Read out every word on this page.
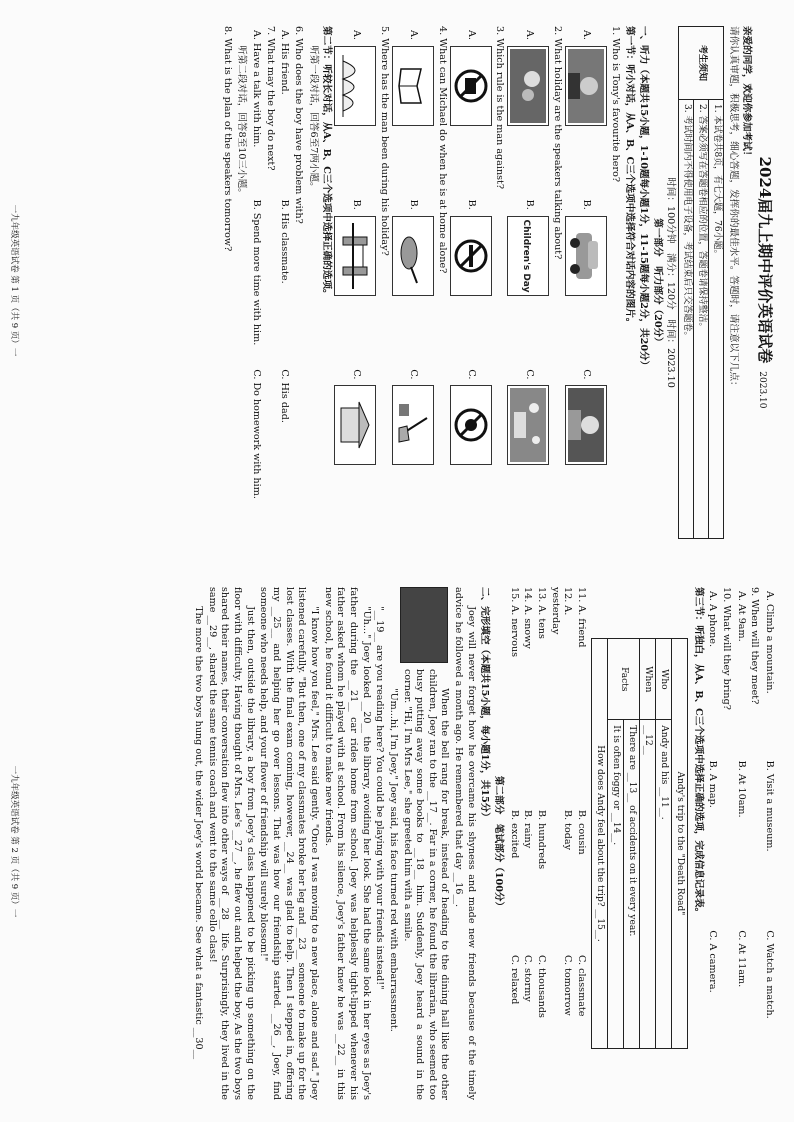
2024届九上期中评价英语试卷2023.10
亲爱的同学，欢迎你参加考试！
请你认真审题，积极思考，细心答题，发挥你的最佳水平。答题时，请注意以下几点：
考生须知	1. 本试卷共8页，有七大题，76小题。
2. 答案必须写在答题卷相应的位置，答题卷请保持整洁。
3. 考试时间内不得使用电子设备，考试结束后只交答题卷。
时间：100分钟　满分：120分　时间：2023.10
第一部分　听力部分（20分）
一、听力（本题共15小题，1-10题每小题1分，11-15题每小题2分，共20分）
第一节：听小对话，从A、B、C三个选项中选择符合对话内容的图片。
1. Who is Tony's favourite hero?
A.
B.
C.
2. What holiday are the speakers talking about?
A.
B.
Children's Day
C.
3. Which rule is the man against?
A.
B.
C.
4. What can Michael do when he is at home alone?
A.
B.
C.
5. Where has the man been during his holiday?
A.
B.
C.
第二节：听较长对话，从A、B、C三个选项中选择正确的选项。
听第一段对话，回答6至7两小题。
6. Who does the boy have problem with?
A. His friend.
B. His classmate.
C. His dad.
7. What may the boy do next?
A. Have a talk with him.
B. Spend more time with him.
C. Do homework with him.
听第二段对话，回答8至10三小题。
8. What is the plan of the speakers tomorrow?
一九年级英语试卷 第 1 页（共 9 页）一
A. Climb a mountain.
B. Visit a museum.
C. Watch a match.
9. When will they meet?
A. At 9am.
B. At 10am.
C. At 11am.
10. What will they bring?
A. A phone.
B. A map.
C. A camera.
第三节：听独白，从A、B、C三个选项中选择正确的选项，完成信息记录表。
Andy's trip to the "Death Road"	
Who	Andy and his __11__.
When	__12__
Facts	There are __13__ of accidents on it every year.
	It is often foggy or __14__.
How does Andy feel about the trip? __15__.	
11. A. friend
B. cousin
C. classmate
12. A. yesterday
B. today
C. tomorrow
13. A. tens
B. hundreds
C. thousands
14. A. snowy
B. rainy
C. stormy
15. A. nervous
B. excited
C. relaxed
第二部分　笔试部分（100分）
二、完形填空（本题共15小题，每小题1分，共15分）

Joey will never forget how he overcame his shyness and made new friends because of the timely advice he followed a month ago. He remembered that day __16__.

When the bell rang for break, instead of heading to the dining hall like the other children, Joey ran to the __17__. Far in a corner, he found the librarian, who seemed too busy putting away some books to __18__ him. Suddenly, Joey heard a sound in the corner. "Hi, I'm Mrs Lee," she greeted him with a smile.

"Um...hi, I'm Joey," Joey said, his face turned red with embarrassment.

"__19__ are you reading here? You could be playing with your friends instead!"

"Uh..." Joey looked __20__ the library, avoiding her look. She had the same look in her eyes as Joey's father during the __21__ car rides home from school. Joey was helplessly tight-lipped whenever his father asked whom he played with at school. From his silence, Joey's father knew he was __22__ in this new school, he found it difficult to make new friends.

"I know how you feel," Mrs. Lee said gently. "Once I was moving to a new place, alone and sad." Joey listened carefully. "But then, one of my classmates broke her leg and __23__ someone to make up for the lost classes. With the final exam coming, however, __24__ was glad to help. Then I stepped in, offering my __25__ and helping her go over lessons. That was how our friendship started. __26__, Joey, find someone who needs help, and your flower of friendship will surely blossom!"

Just then, outside the library, a boy from Joey's class happened to be picking up something on the floor with difficulty. Having thought of Mrs. Lee's __27__, he flew out and helped the boy. As the two boys shared their names, their conversation flew into other ways of __28__ life. Surprisingly, they lived in the same __29__, shared the same tennis coach and went to the same cello class!

The more the two boys hung out, the wider Joey's world became. See what a fantastic __30__

一九年级英语试卷 第 2 页（共 9 页）一
